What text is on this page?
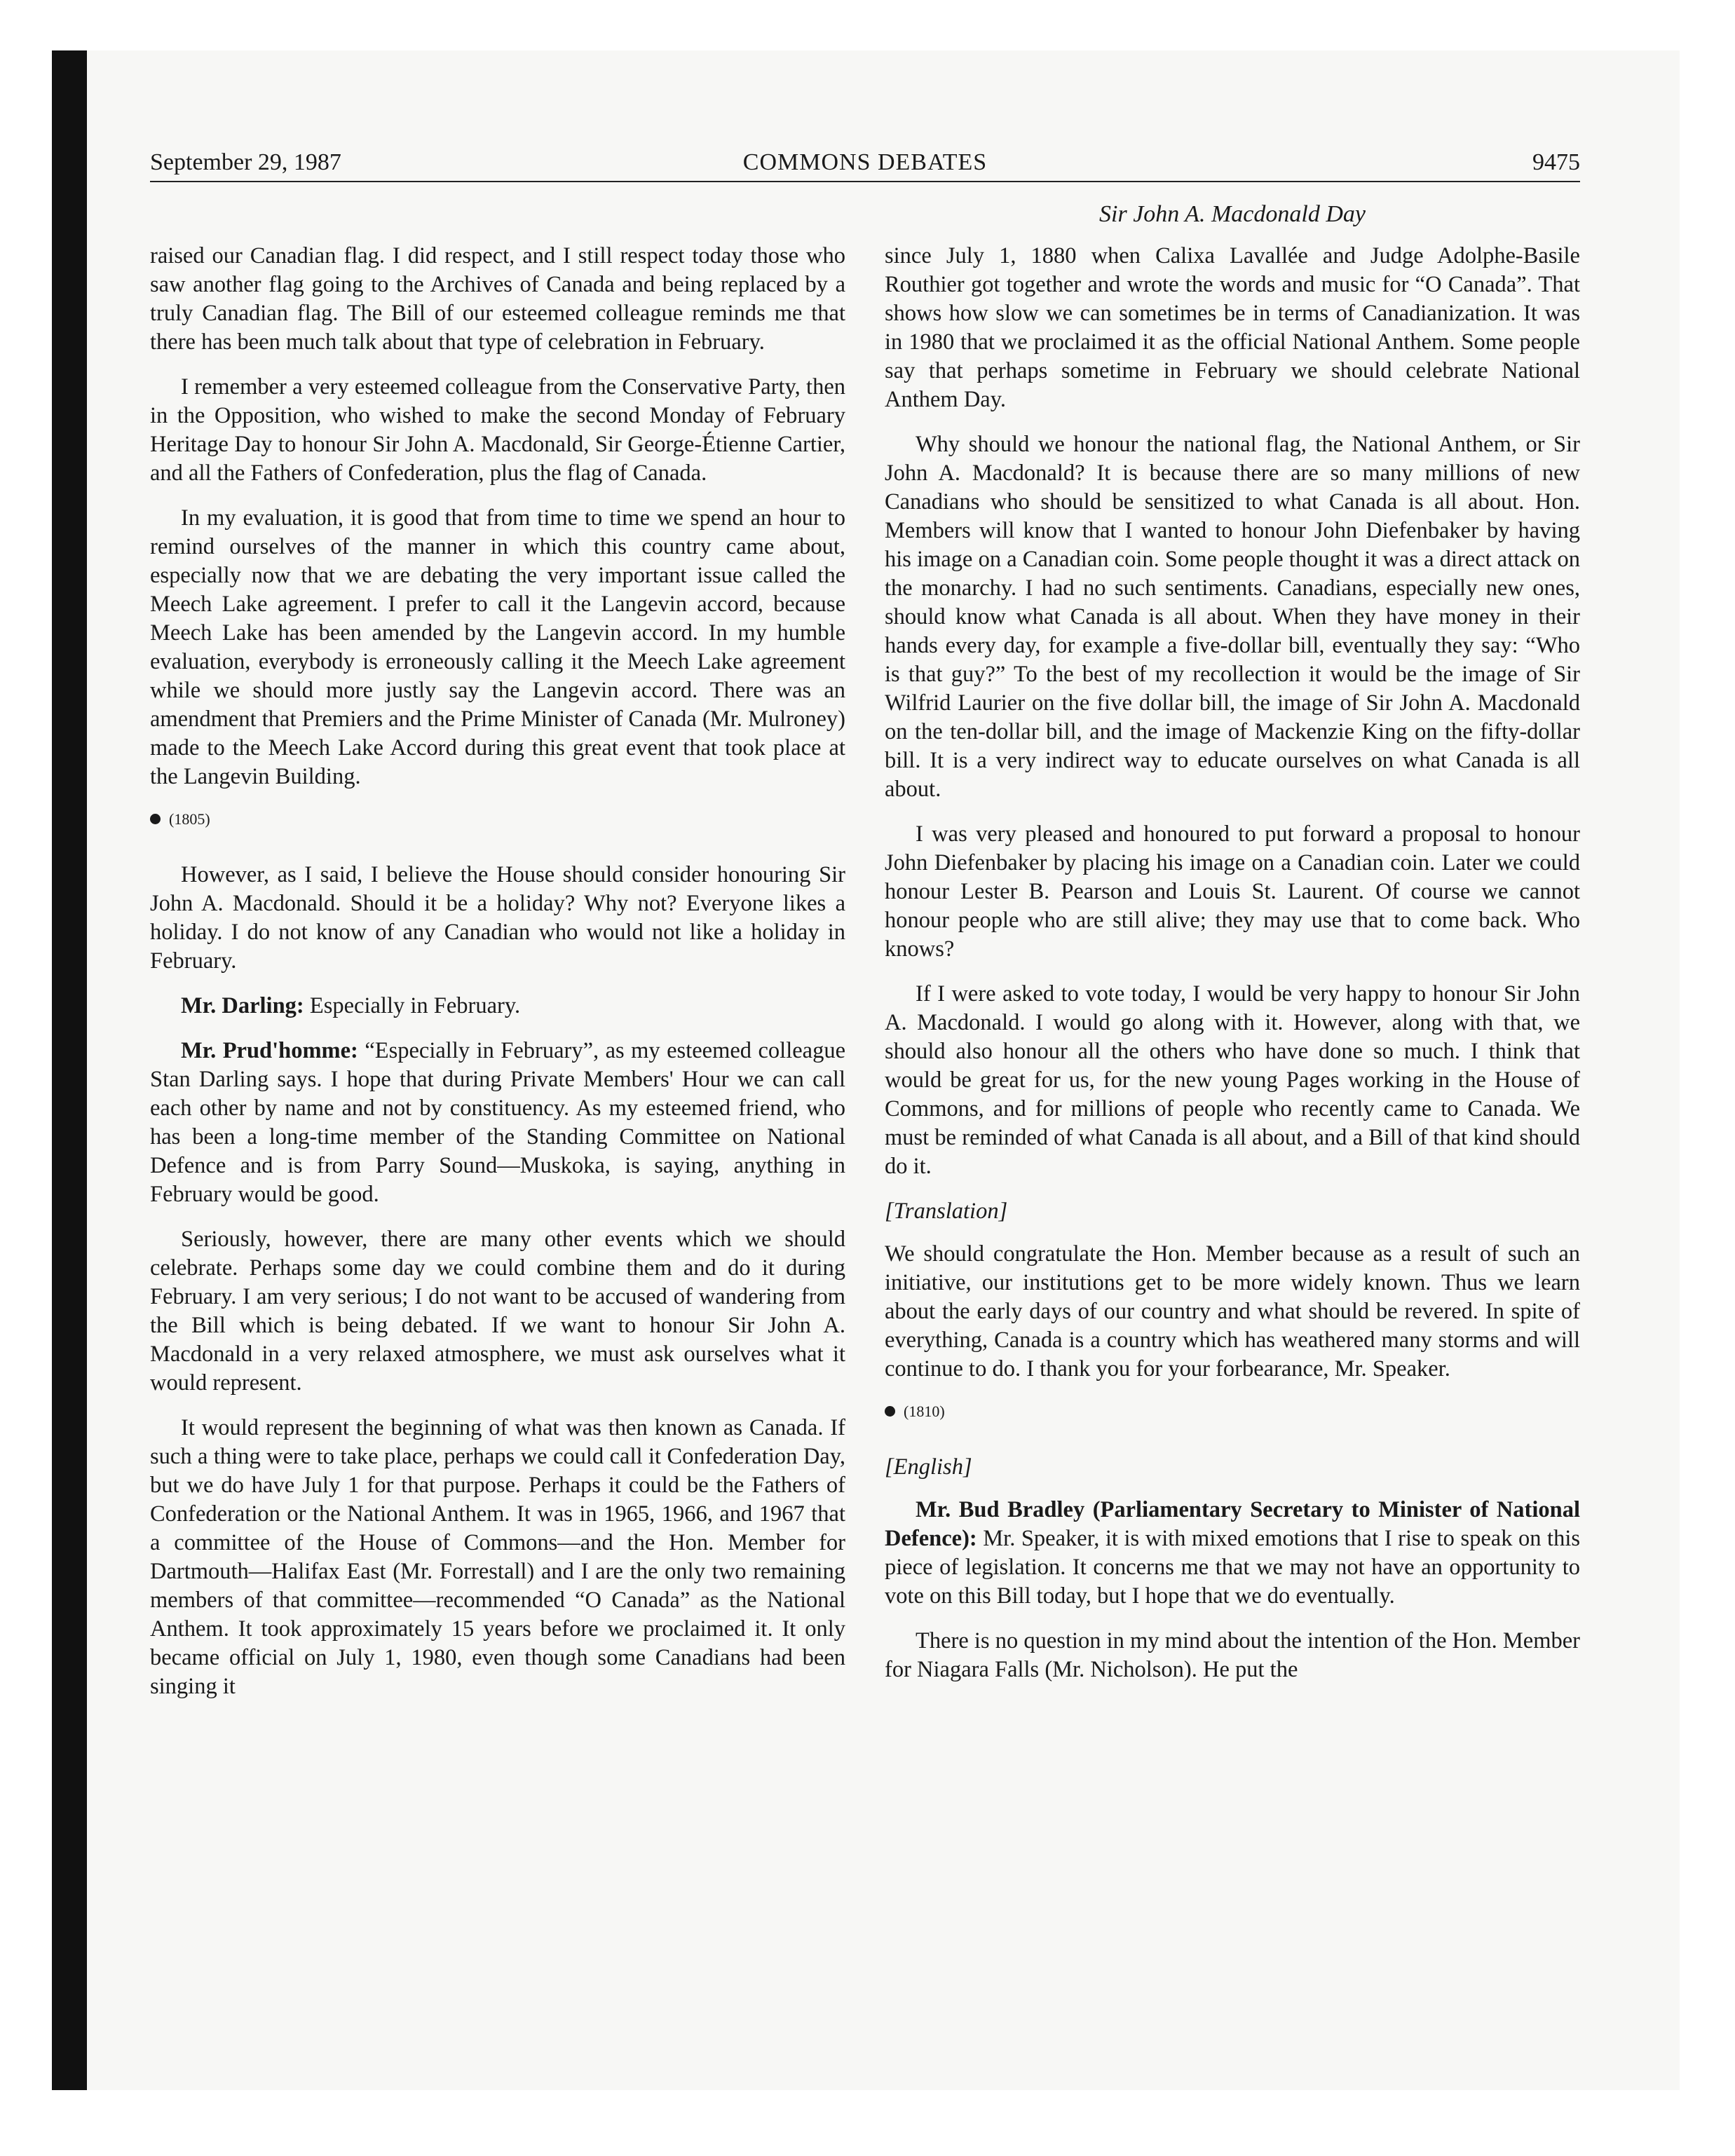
September 29, 1987	COMMONS DEBATES	9475
Sir John A. Macdonald Day

raised our Canadian flag. I did respect, and I still respect today those who saw another flag going to the Archives of Canada and being replaced by a truly Canadian flag. The Bill of our esteemed colleague reminds me that there has been much talk about that type of celebration in February.

I remember a very esteemed colleague from the Conservative Party, then in the Opposition, who wished to make the second Monday of February Heritage Day to honour Sir John A. Macdonald, Sir George-Étienne Cartier, and all the Fathers of Confederation, plus the flag of Canada.

In my evaluation, it is good that from time to time we spend an hour to remind ourselves of the manner in which this country came about, especially now that we are debating the very important issue called the Meech Lake agreement. I prefer to call it the Langevin accord, because Meech Lake has been amended by the Langevin accord. In my humble evaluation, everybody is erroneously calling it the Meech Lake agreement while we should more justly say the Langevin accord. There was an amendment that Premiers and the Prime Minister of Canada (Mr. Mulroney) made to the Meech Lake Accord during this great event that took place at the Langevin Building.

(1805)

However, as I said, I believe the House should consider honouring Sir John A. Macdonald. Should it be a holiday? Why not? Everyone likes a holiday. I do not know of any Canadian who would not like a holiday in February.

Mr. Darling: Especially in February.

Mr. Prud'homme: “Especially in February”, as my esteemed colleague Stan Darling says. I hope that during Private Members' Hour we can call each other by name and not by constituency. As my esteemed friend, who has been a long-time member of the Standing Committee on National Defence and is from Parry Sound—Muskoka, is saying, anything in February would be good.

Seriously, however, there are many other events which we should celebrate. Perhaps some day we could combine them and do it during February. I am very serious; I do not want to be accused of wandering from the Bill which is being debated. If we want to honour Sir John A. Macdonald in a very relaxed atmosphere, we must ask ourselves what it would represent.

It would represent the beginning of what was then known as Canada. If such a thing were to take place, perhaps we could call it Confederation Day, but we do have July 1 for that purpose. Perhaps it could be the Fathers of Confederation or the National Anthem. It was in 1965, 1966, and 1967 that a committee of the House of Commons—and the Hon. Member for Dartmouth—Halifax East (Mr. Forrestall) and I are the only two remaining members of that committee—recommended “O Canada” as the National Anthem. It took approximately 15 years before we proclaimed it. It only became official on July 1, 1980, even though some Canadians had been singing it

since July 1, 1880 when Calixa Lavallée and Judge Adolphe-Basile Routhier got together and wrote the words and music for “O Canada”. That shows how slow we can sometimes be in terms of Canadianization. It was in 1980 that we proclaimed it as the official National Anthem. Some people say that perhaps sometime in February we should celebrate National Anthem Day.

Why should we honour the national flag, the National Anthem, or Sir John A. Macdonald? It is because there are so many millions of new Canadians who should be sensitized to what Canada is all about. Hon. Members will know that I wanted to honour John Diefenbaker by having his image on a Canadian coin. Some people thought it was a direct attack on the monarchy. I had no such sentiments. Canadians, especially new ones, should know what Canada is all about. When they have money in their hands every day, for example a five-dollar bill, eventually they say: “Who is that guy?” To the best of my recollection it would be the image of Sir Wilfrid Laurier on the five dollar bill, the image of Sir John A. Macdonald on the ten-dollar bill, and the image of Mackenzie King on the fifty-dollar bill. It is a very indirect way to educate ourselves on what Canada is all about.

I was very pleased and honoured to put forward a proposal to honour John Diefenbaker by placing his image on a Canadian coin. Later we could honour Lester B. Pearson and Louis St. Laurent. Of course we cannot honour people who are still alive; they may use that to come back. Who knows?

If I were asked to vote today, I would be very happy to honour Sir John A. Macdonald. I would go along with it. However, along with that, we should also honour all the others who have done so much. I think that would be great for us, for the new young Pages working in the House of Commons, and for millions of people who recently came to Canada. We must be reminded of what Canada is all about, and a Bill of that kind should do it.

[Translation]

We should congratulate the Hon. Member because as a result of such an initiative, our institutions get to be more widely known. Thus we learn about the early days of our country and what should be revered. In spite of everything, Canada is a country which has weathered many storms and will continue to do. I thank you for your forbearance, Mr. Speaker.

(1810)

[English]

Mr. Bud Bradley (Parliamentary Secretary to Minister of National Defence): Mr. Speaker, it is with mixed emotions that I rise to speak on this piece of legislation. It concerns me that we may not have an opportunity to vote on this Bill today, but I hope that we do eventually.

There is no question in my mind about the intention of the Hon. Member for Niagara Falls (Mr. Nicholson). He put the
